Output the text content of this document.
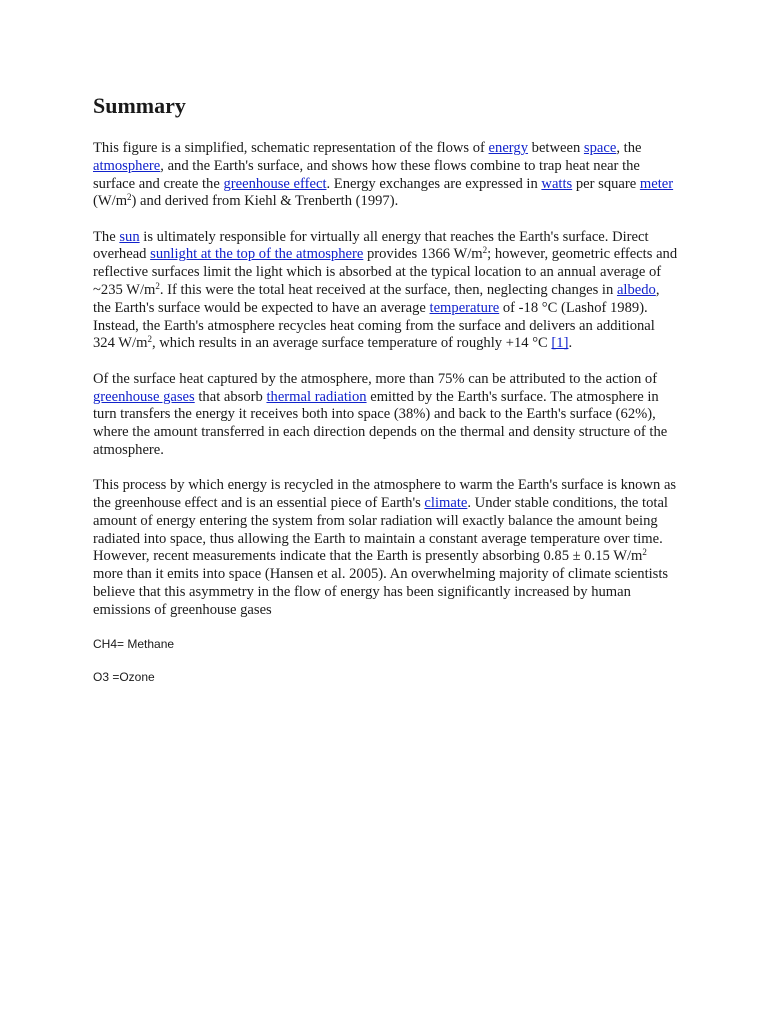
Summary

This figure is a simplified, schematic representation of the flows of energy between space, the atmosphere, and the Earth's surface, and shows how these flows combine to trap heat near the surface and create the greenhouse effect. Energy exchanges are expressed in watts per square meter $(W/m^2)$ and derived from Kiehl & Trenberth (1997).

The sun is ultimately responsible for virtually all energy that reaches the Earth's surface. Direct overhead sunlight at the top of the atmosphere provides 1366 $W/m^2$; however, geometric effects and reflective surfaces limit the light which is absorbed at the typical location to an annual average of ~235 $W/m^2$. If this were the total heat received at the surface, then, neglecting changes in albedo, the Earth's surface would be expected to have an average temperature of -18 °C (Lashof 1989). Instead, the Earth's atmosphere recycles heat coming from the surface and delivers an additional 324 $W/m^2$, which results in an average surface temperature of roughly +14 °C [1].

Of the surface heat captured by the atmosphere, more than 75% can be attributed to the action of greenhouse gases that absorb thermal radiation emitted by the Earth's surface. The atmosphere in turn transfers the energy it receives both into space (38%) and back to the Earth's surface (62%), where the amount transferred in each direction depends on the thermal and density structure of the atmosphere.

This process by which energy is recycled in the atmosphere to warm the Earth's surface is known as the greenhouse effect and is an essential piece of Earth's climate. Under stable conditions, the total amount of energy entering the system from solar radiation will exactly balance the amount being radiated into space, thus allowing the Earth to maintain a constant average temperature over time. However, recent measurements indicate that the Earth is presently absorbing 0.85 ± 0.15 $W/m^2$ more than it emits into space (Hansen et al. 2005). An overwhelming majority of climate scientists believe that this asymmetry in the flow of energy has been significantly increased by human emissions of greenhouse gases

CH4= Methane

O3 =Ozone
